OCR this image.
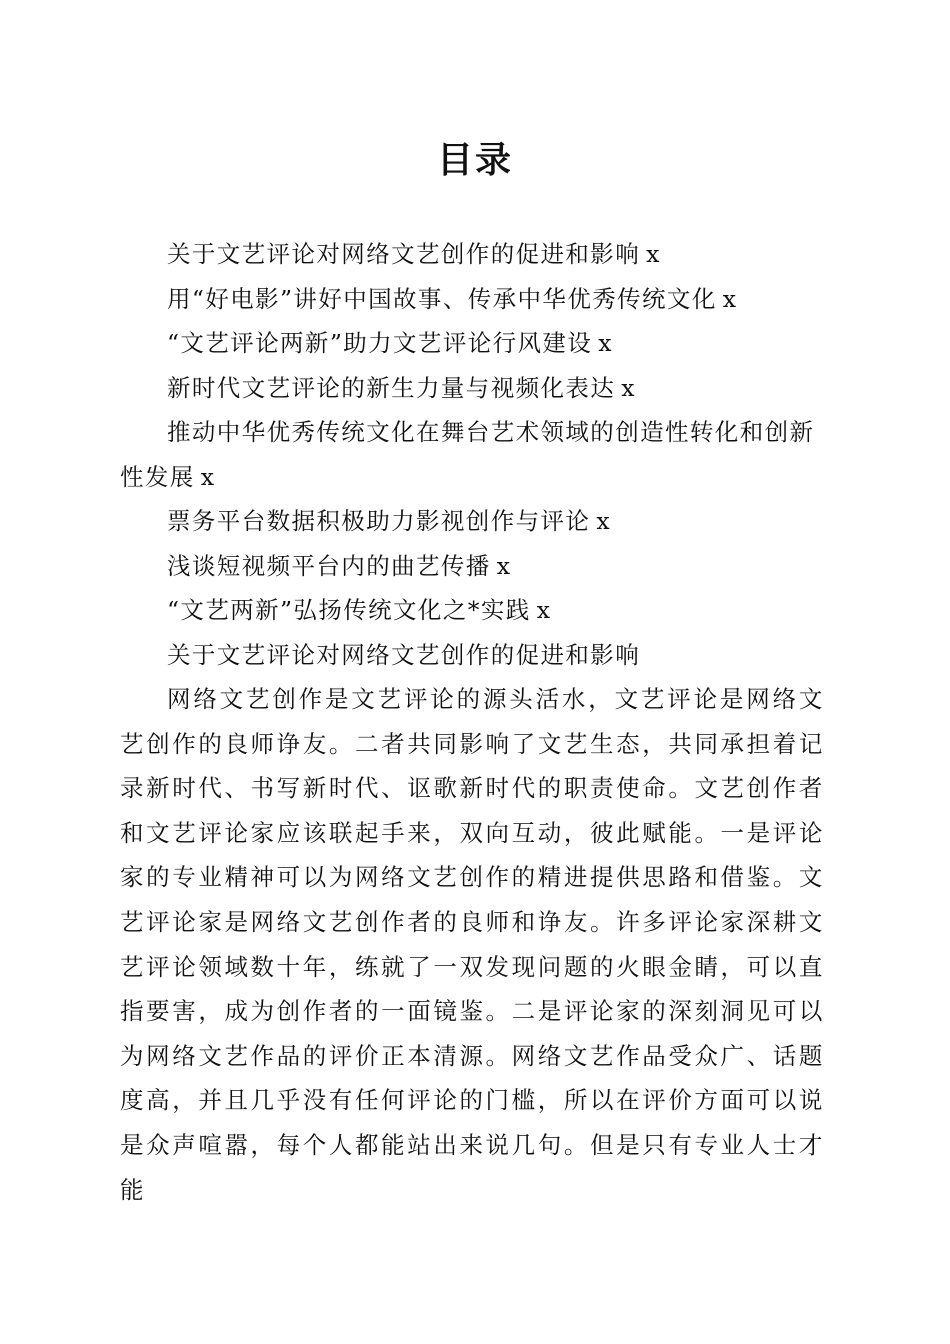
目录
关于文艺评论对网络文艺创作的促进和影响 x
用“好电影”讲好中国故事、传承中华优秀传统文化 x
“文艺评论两新”助力文艺评论行风建设 x
新时代文艺评论的新生力量与视频化表达 x
推动中华优秀传统文化在舞台艺术领域的创造性转化和创新性发展 x
票务平台数据积极助力影视创作与评论 x
浅谈短视频平台内的曲艺传播 x
“文艺两新”弘扬传统文化之*实践 x
关于文艺评论对网络文艺创作的促进和影响

网络文艺创作是文艺评论的源头活水，文艺评论是网络文艺创作的良师诤友。二者共同影响了文艺生态，共同承担着记录新时代、书写新时代、讴歌新时代的职责使命。文艺创作者和文艺评论家应该联起手来，双向互动，彼此赋能。一是评论家的专业精神可以为网络文艺创作的精进提供思路和借鉴。文艺评论家是网络文艺创作者的良师和诤友。许多评论家深耕文艺评论领域数十年，练就了一双发现问题的火眼金睛，可以直指要害，成为创作者的一面镜鉴。二是评论家的深刻洞见可以为网络文艺作品的评价正本清源。网络文艺作品受众广、话题度高，并且几乎没有任何评论的门槛，所以在评价方面可以说是众声喧嚣，每个人都能站出来说几句。但是只有专业人士才能
